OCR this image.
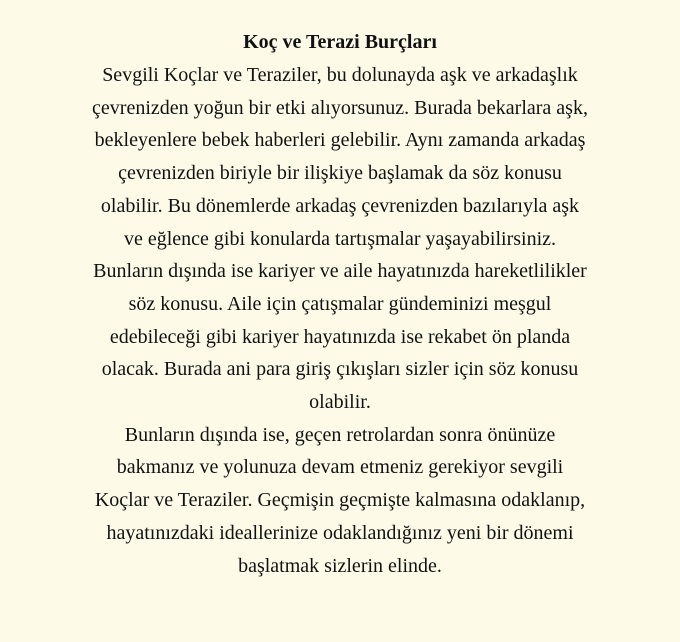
Koç ve Terazi Burçları

Sevgili Koçlar ve Teraziler, bu dolunayda aşk ve arkadaşlık
çevrenizden yoğun bir etki alıyorsunuz. Burada bekarlara aşk,
bekleyenlere bebek haberleri gelebilir. Aynı zamanda arkadaş
çevrenizden biriyle bir ilişkiye başlamak da söz konusu
olabilir. Bu dönemlerde arkadaş çevrenizden bazılarıyla aşk
ve eğlence gibi konularda tartışmalar yaşayabilirsiniz.
Bunların dışında ise kariyer ve aile hayatınızda hareketlilikler
söz konusu. Aile için çatışmalar gündeminizi meşgul
edebileceği gibi kariyer hayatınızda ise rekabet ön planda
olacak. Burada ani para giriş çıkışları sizler için söz konusu
olabilir.

Bunların dışında ise, geçen retrolardan sonra önünüze
bakmanız ve yolunuza devam etmeniz gerekiyor sevgili
Koçlar ve Teraziler. Geçmişin geçmişte kalmasına odaklanıp,
hayatınızdaki ideallerinize odaklandığınız yeni bir dönemi
başlatmak sizlerin elinde.
